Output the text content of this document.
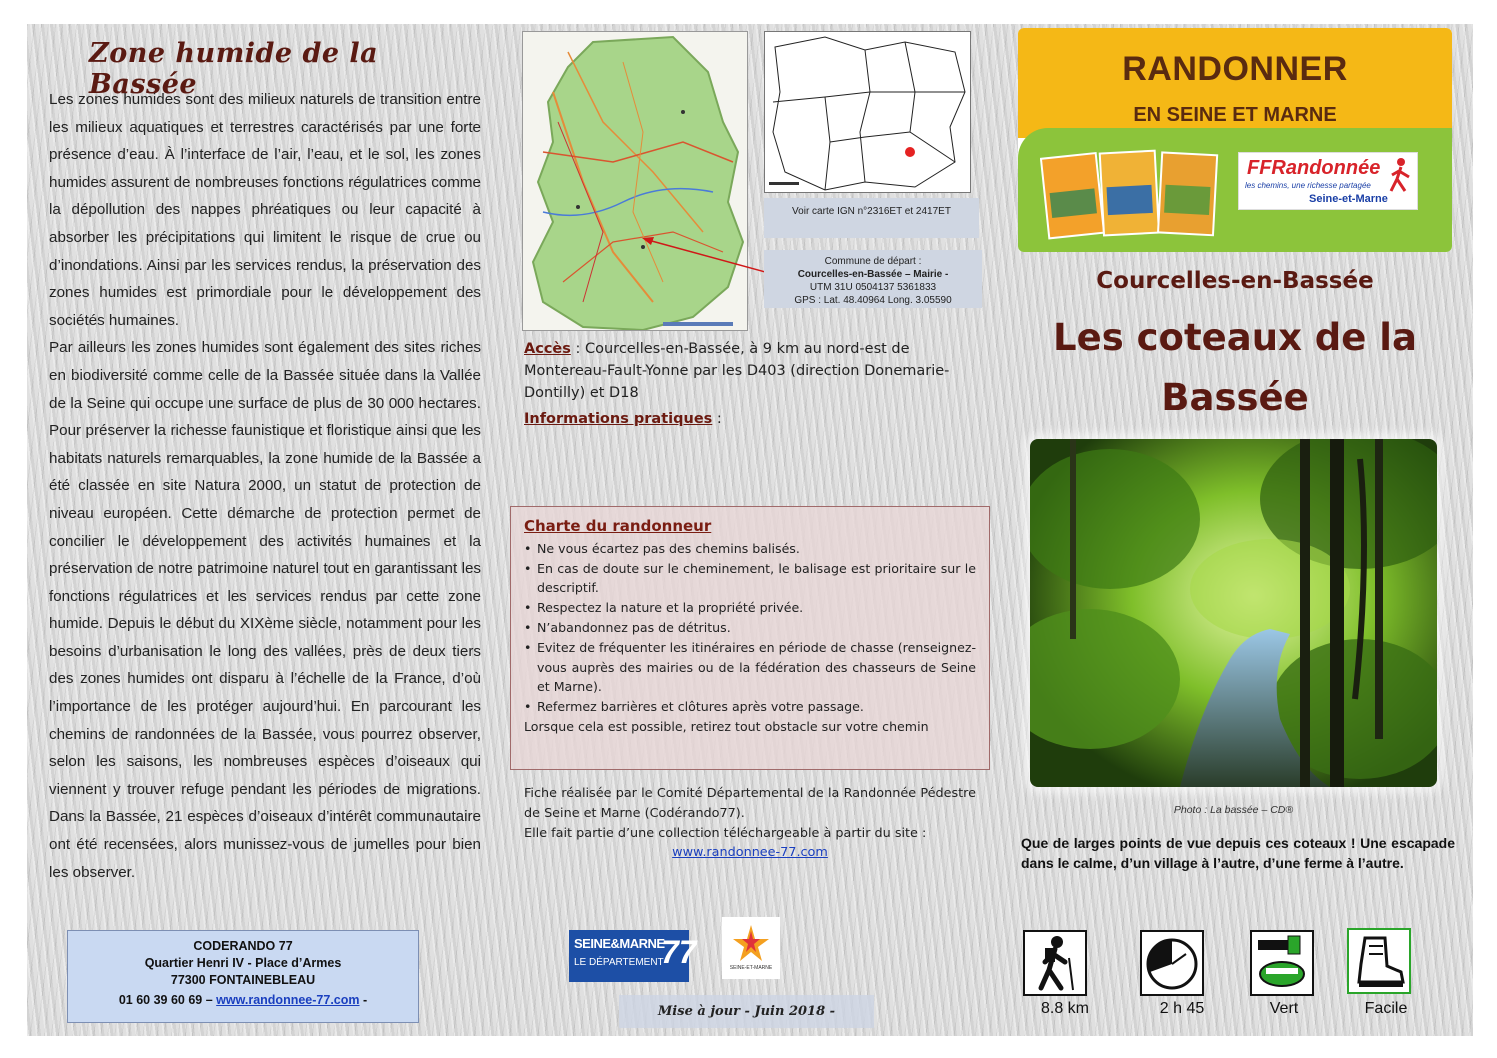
Zone humide de la Bassée

Les zones humides sont des milieux naturels de transition entre les milieux aquatiques et terrestres caractérisés par une forte présence d’eau. À l’interface de l’air, l’eau, et le sol, les zones humides assurent de nombreuses fonctions régulatrices comme la dépollution des nappes phréatiques ou leur capacité à absorber les précipitations qui limitent le risque de crue ou d’inondations. Ainsi par les services rendus, la préservation des zones humides est primordiale pour le développement des sociétés humaines.

Par ailleurs les zones humides sont également des sites riches en biodiversité comme celle de la Bassée située dans la Vallée de la Seine qui occupe une surface de plus de 30 000 hectares. Pour préserver la richesse faunistique et floristique ainsi que les habitats naturels remarquables, la zone humide de la Bassée a été classée en site Natura 2000, un statut de protection de niveau européen. Cette démarche de protection permet de concilier le développement des activités humaines et la préservation de notre patrimoine naturel tout en garantissant les fonctions régulatrices et les services rendus par cette zone humide. Depuis le début du XIXème siècle, notamment pour les besoins d’urbanisation le long des vallées, près de deux tiers des zones humides ont disparu à l’échelle de la France, d’où l’importance de les protéger aujourd’hui. En parcourant les chemins de randonnées de la Bassée, vous pourrez observer, selon les saisons, les nombreuses espèces d’oiseaux qui viennent y trouver refuge pendant les périodes de migrations. Dans la Bassée, 21 espèces d’oiseaux d’intérêt communautaire ont été recensées, alors munissez-vous de jumelles pour bien les observer.

CODERANDO 77
Quartier Henri IV - Place d’Armes
77300 FONTAINEBLEAU
01 60 39 60 69 – www.randonnee-77.com -
Voir carte IGN n°2316ET et 2417ET
Commune de départ :
Courcelles-en-Bassée – Mairie -
UTM 31U 0504137 5361833
GPS : Lat. 48.40964 Long. 3.05590
Accès : Courcelles-en-Bassée, à 9 km au nord-est de Montereau-Fault-Yonne par les D403 (direction Donemarie-Dontilly) et D18
Informations pratiques :
Charte du randonneur
• Ne vous écartez pas des chemins balisés.
• En cas de doute sur le cheminement, le balisage est prioritaire sur le descriptif.
• Respectez la nature et la propriété privée.
• N’abandonnez pas de détritus.
• Evitez de fréquenter les itinéraires en période de chasse (renseignez-vous auprès des mairies ou de la fédération des chasseurs de Seine et Marne).
• Refermez barrières et clôtures après votre passage.
Lorsque cela est possible, retirez tout obstacle sur votre chemin
Fiche réalisée par le Comité Départemental de la Randonnée Pédestre de Seine et Marne (Codérando77).
Elle fait partie d’une collection téléchargeable à partir du site :
www.randonnee-77.com
SEINE&MARNE
LE DÉPARTEMENT
77	SEINE-ET-MARNE
Mise à jour - Juin 2018 -
RANDONNER
EN SEINE ET MARNE
FFRandonnée
les chemins, une richesse partagée
Seine-et-Marne
Courcelles-en-Bassée
Les coteaux de la
Bassée
Photo : La bassée – CD®
Que de larges points de vue depuis ces coteaux ! Une escapade dans le calme, d’un village à l’autre, d’une ferme à l’autre.
8.8 km	2 h 45	Vert	Facile
